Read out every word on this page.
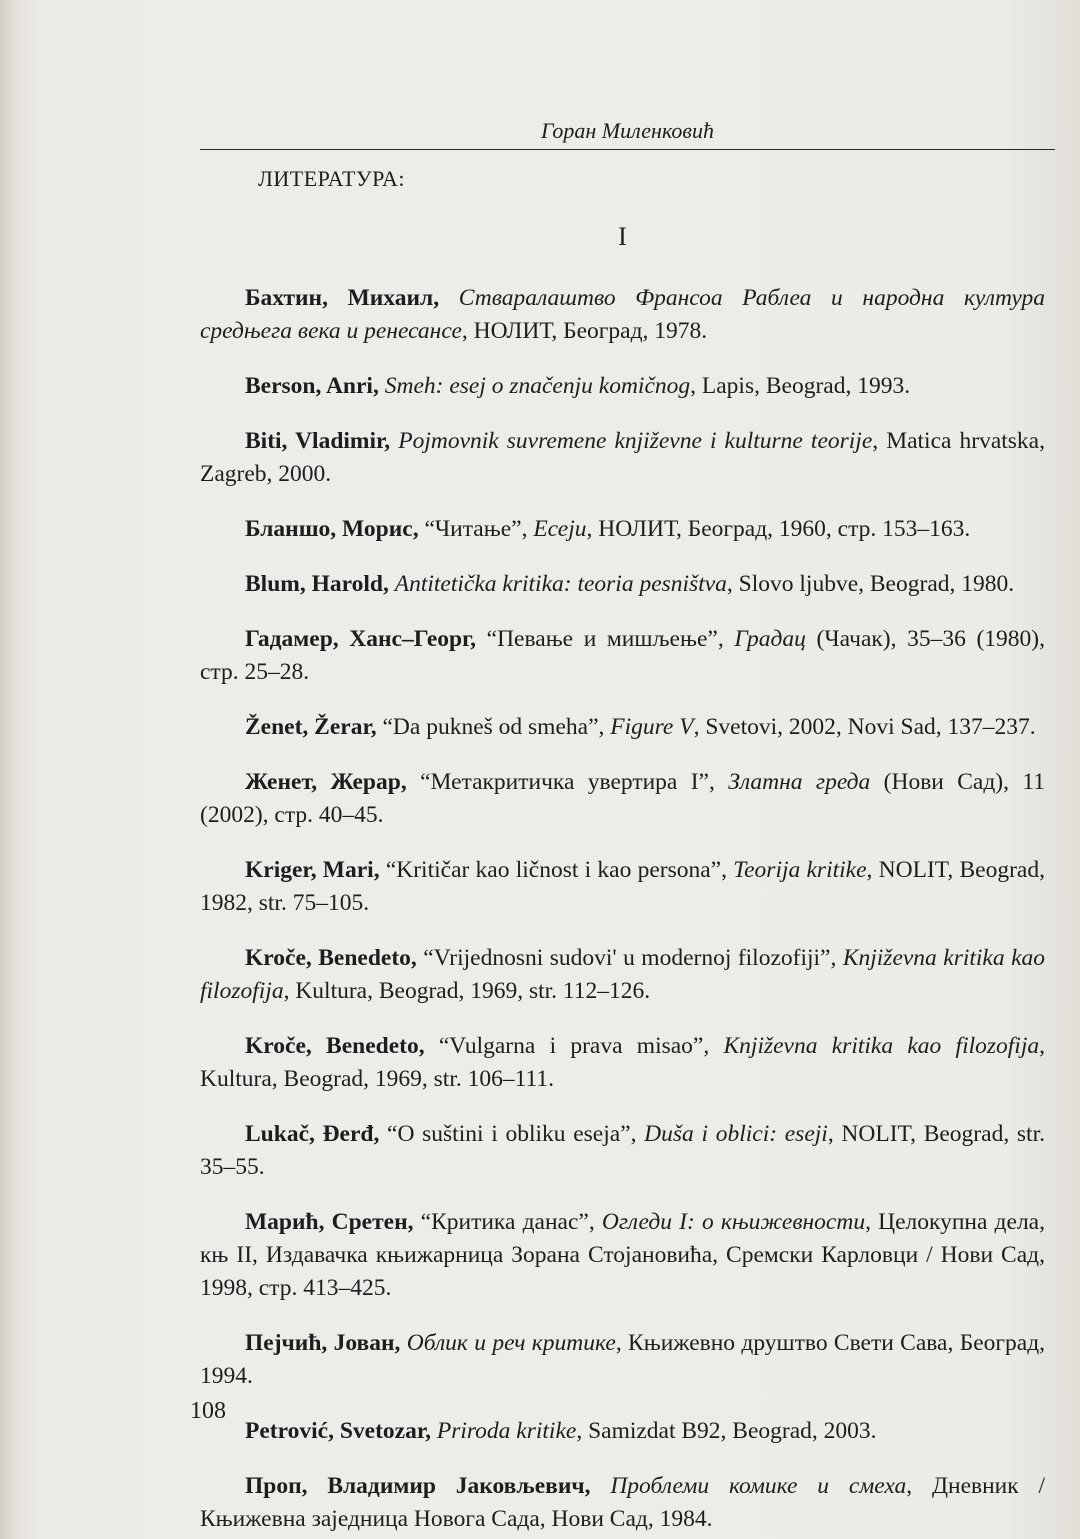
Горан Миленковић
ЛИТЕРАТУРА:
I

Бахтин, Михаил, Стваралаштво Франсоа Раблеа и народна култура средњега века и ренесансе, НОЛИТ, Београд, 1978.

Berson, Anri, Smeh: esej o značenju komičnog, Lapis, Beograd, 1993.

Biti, Vladimir, Pojmovnik suvremene književne i kulturne teorije, Matica hrvatska, Zagreb, 2000.

Бланшо, Морис, “Читање”, Есеји, НОЛИТ, Београд, 1960, стр. 153–163.

Blum, Harold, Antitetička kritika: teoria pesništva, Slovo ljubve, Beograd, 1980.

Гадамер, Ханс–Георг, “Певање и мишљење”, Градац (Чачак), 35–36 (1980), стр. 25–28.

Ženet, Žerar, “Da pukneš od smeha”, Figure V, Svetovi, 2002, Novi Sad, 137–237.

Женет, Жерар, “Метакритичка увертира I”, Златна греда (Нови Сад), 11 (2002), стр. 40–45.

Kriger, Mari, “Kritičar kao ličnost i kao persona”, Teorija kritike, NOLIT, Beograd, 1982, str. 75–105.

Kroče, Benedeto, “Vrijednosni sudovi' u modernoj filozofiji”, Književna kritika kao filozofija, Kultura, Beograd, 1969, str. 112–126.

Kroče, Benedeto, “Vulgarna i prava misao”, Književna kritika kao filozofija, Kultura, Beograd, 1969, str. 106–111.

Lukač, Đerđ, “O suštini i obliku eseja”, Duša i oblici: eseji, NOLIT, Beograd, str. 35–55.

Марић, Сретен, “Критика данас”, Огледи I: о књижевности, Целокупна дела, књ II, Издавачка књижарница Зорана Стојановића, Сремски Карловци / Нови Сад, 1998, стр. 413–425.

Пејчић, Јован, Облик и реч критике, Књижевно друштво Свети Сава, Београд, 1994.

Petrović, Svetozar, Priroda kritike, Samizdat B92, Beograd, 2003.

Проп, Владимир Јаковљевич, Проблеми комике и смеха, Дневник / Књижевна заједница Новога Сада, Нови Сад, 1984.

108
